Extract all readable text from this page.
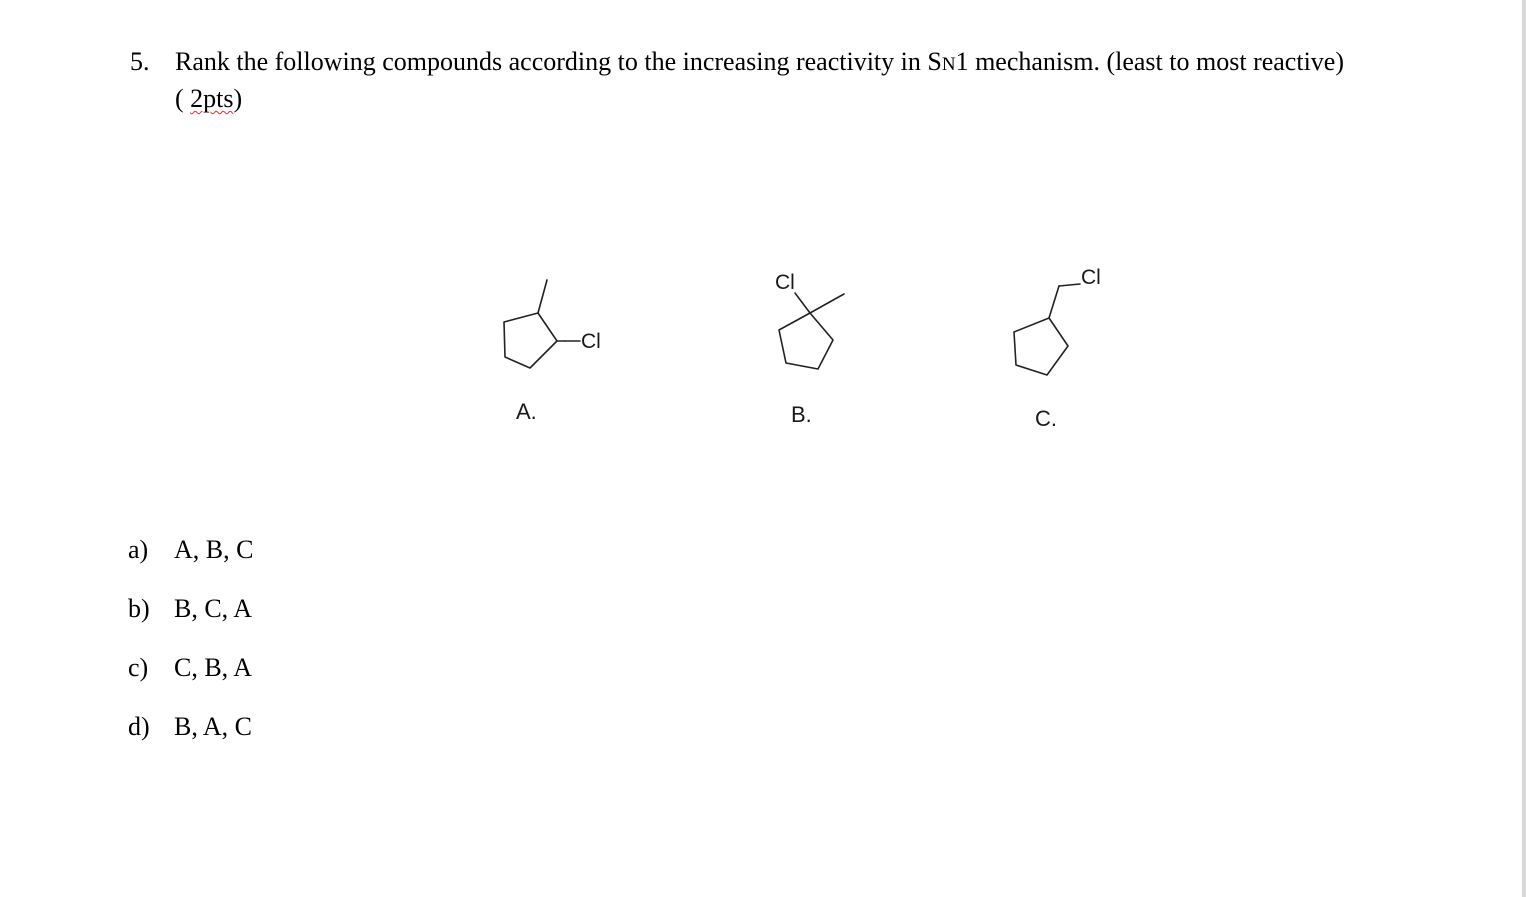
5. Rank the following compounds according to the increasing reactivity in SN1 mechanism. (least to most reactive)
( 2pts)
Cl
Cl	Cl
A.	B.	C.
a) A, B, C
b) B, C, A
c) C, B, A
d) B, A, C
